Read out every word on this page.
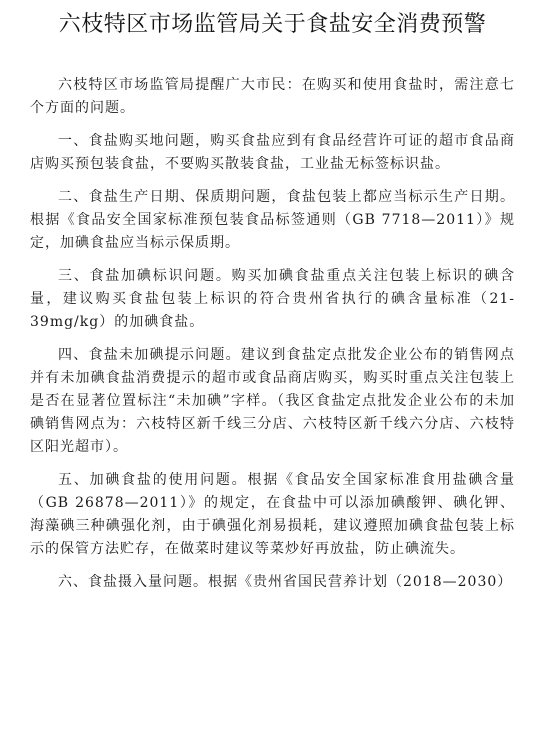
六枝特区市场监管局关于食盐安全消费预警

六枝特区市场监管局提醒广大市民：在购买和使用食盐时，需注意七个方面的问题。

一、食盐购买地问题，购买食盐应到有食品经营许可证的超市食品商店购买预包装食盐，不要购买散装食盐，工业盐无标签标识盐。

二、食盐生产日期、保质期问题，食盐包装上都应当标示生产日期。根据《食品安全国家标准预包装食品标签通则（GB 7718—2011）》规定，加碘食盐应当标示保质期。

三、食盐加碘标识问题。购买加碘食盐重点关注包装上标识的碘含量，建议购买食盐包装上标识的符合贵州省执行的碘含量标准（21-39mg/kg）的加碘食盐。

四、食盐未加碘提示问题。建议到食盐定点批发企业公布的销售网点并有未加碘食盐消费提示的超市或食品商店购买，购买时重点关注包装上是否在显著位置标注“未加碘”字样。（我区食盐定点批发企业公布的未加碘销售网点为：六枝特区新千线三分店、六枝特区新千线六分店、六枝特区阳光超市）。

五、加碘食盐的使用问题。根据《食品安全国家标准食用盐碘含量（GB 26878—2011）》的规定，在食盐中可以添加碘酸钾、碘化钾、海藻碘三种碘强化剂，由于碘强化剂易损耗，建议遵照加碘食盐包装上标示的保管方法贮存，在做菜时建议等菜炒好再放盐，防止碘流失。

六、食盐摄入量问题。根据《贵州省国民营养计划（2018—2030）
